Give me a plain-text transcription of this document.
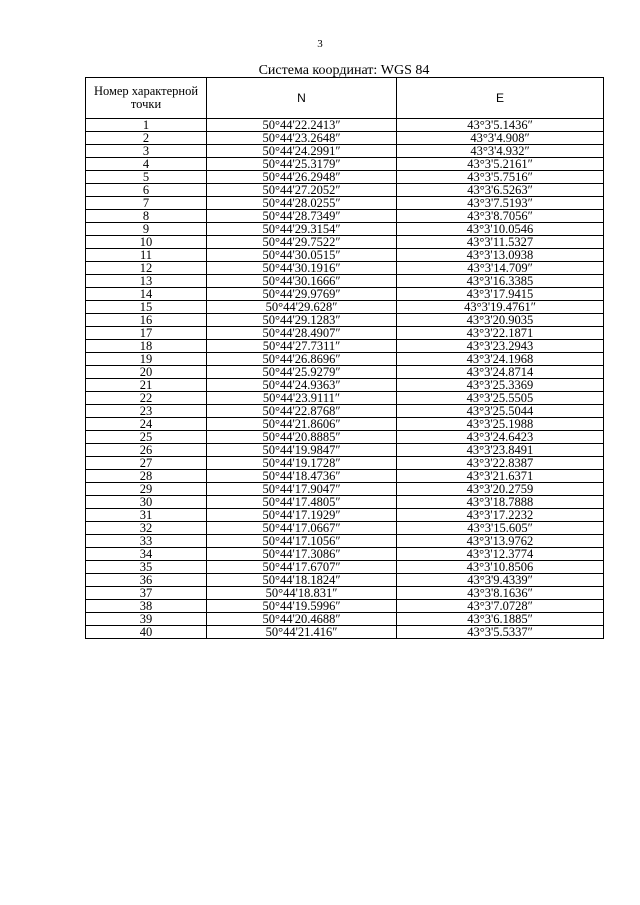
3
Система координат: WGS 84
Номер характерной точки	N	E
1	50°44'22.2413″	43°3'5.1436″
2	50°44'23.2648″	43°3'4.908″
3	50°44'24.2991″	43°3'4.932″
4	50°44'25.3179″	43°3'5.2161″
5	50°44'26.2948″	43°3'5.7516″
6	50°44'27.2052″	43°3'6.5263″
7	50°44'28.0255″	43°3'7.5193″
8	50°44'28.7349″	43°3'8.7056″
9	50°44'29.3154″	43°3'10.0546
10	50°44'29.7522″	43°3'11.5327
11	50°44'30.0515″	43°3'13.0938
12	50°44'30.1916″	43°3'14.709″
13	50°44'30.1666″	43°3'16.3385
14	50°44'29.9769″	43°3'17.9415
15	50°44'29.628″	43°3'19.4761″
16	50°44'29.1283″	43°3'20.9035
17	50°44'28.4907″	43°3'22.1871
18	50°44'27.7311″	43°3'23.2943
19	50°44'26.8696″	43°3'24.1968
20	50°44'25.9279″	43°3'24.8714
21	50°44'24.9363″	43°3'25.3369
22	50°44'23.9111″	43°3'25.5505
23	50°44'22.8768″	43°3'25.5044
24	50°44'21.8606″	43°3'25.1988
25	50°44'20.8885″	43°3'24.6423
26	50°44'19.9847″	43°3'23.8491
27	50°44'19.1728″	43°3'22.8387
28	50°44'18.4736″	43°3'21.6371
29	50°44'17.9047″	43°3'20.2759
30	50°44'17.4805″	43°3'18.7888
31	50°44'17.1929″	43°3'17.2232
32	50°44'17.0667″	43°3'15.605″
33	50°44'17.1056″	43°3'13.9762
34	50°44'17.3086″	43°3'12.3774
35	50°44'17.6707″	43°3'10.8506
36	50°44'18.1824″	43°3'9.4339″
37	50°44'18.831″	43°3'8.1636″
38	50°44'19.5996″	43°3'7.0728″
39	50°44'20.4688″	43°3'6.1885″
40	50°44'21.416″	43°3'5.5337″
